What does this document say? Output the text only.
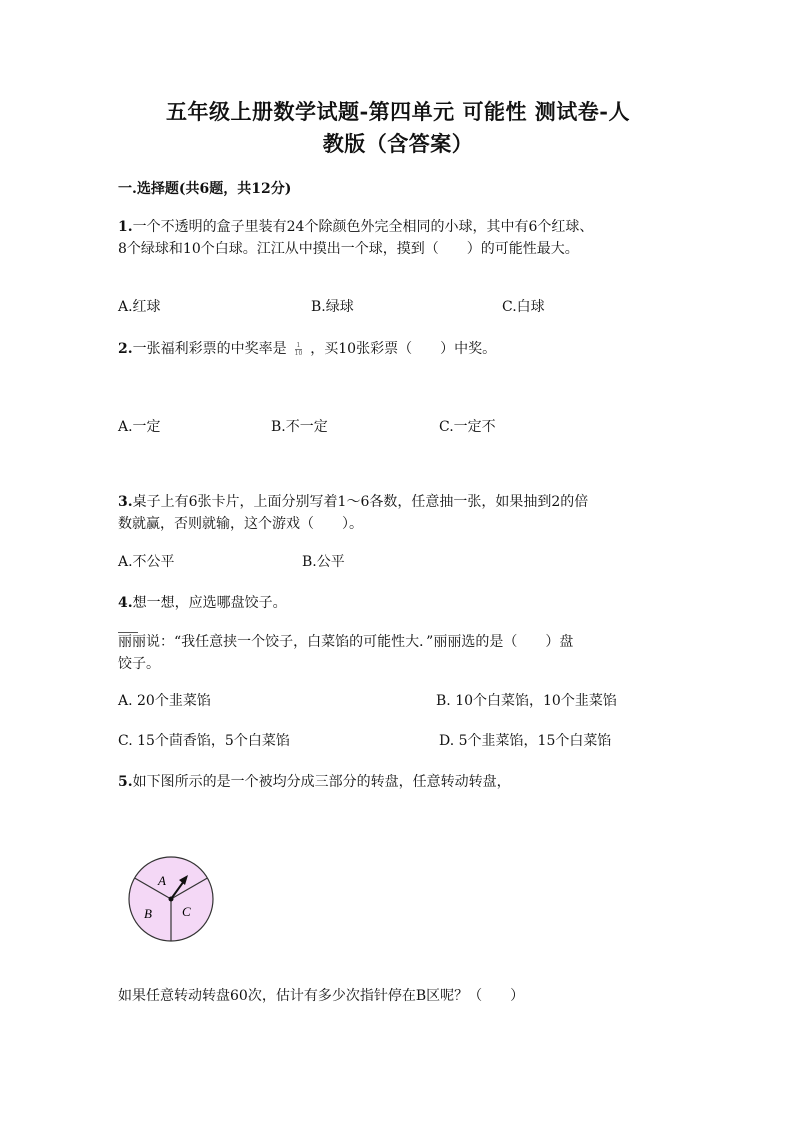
五年级上册数学试题-第四单元 可能性 测试卷-人
教版（含答案）
一.选择题(共6题，共12分)
1.一个不透明的盒子里装有24个除颜色外完全相同的小球，其中有6个红球、
8个绿球和10个白球。江江从中摸出一个球，摸到（　　）的可能性最大。
A.红球	B.绿球	C.白球
2.一张福利彩票的中奖率是 $\frac{1}{10}$ ，买10张彩票（　　）中奖。
A.一定	B.不一定	C.一定不
3.桌子上有6张卡片，上面分别写着1～6各数，任意抽一张，如果抽到2的倍
数就赢，否则就输，这个游戏（　　）。
A.不公平	B.公平
4.想一想，应选哪盘饺子。
丽丽说：“我任意挟一个饺子，白菜馅的可能性大．”丽丽选的是（　　）盘
饺子。
A. 20个韭菜馅	B. 10个白菜馅，10个韭菜馅
C. 15个茴香馅，5个白菜馅	D. 5个韭菜馅，15个白菜馅
5.如下图所示的是一个被均分成三部分的转盘，任意转动转盘，
A
B C
如果任意转动转盘60次，估计有多少次指针停在B区呢？（　　）
